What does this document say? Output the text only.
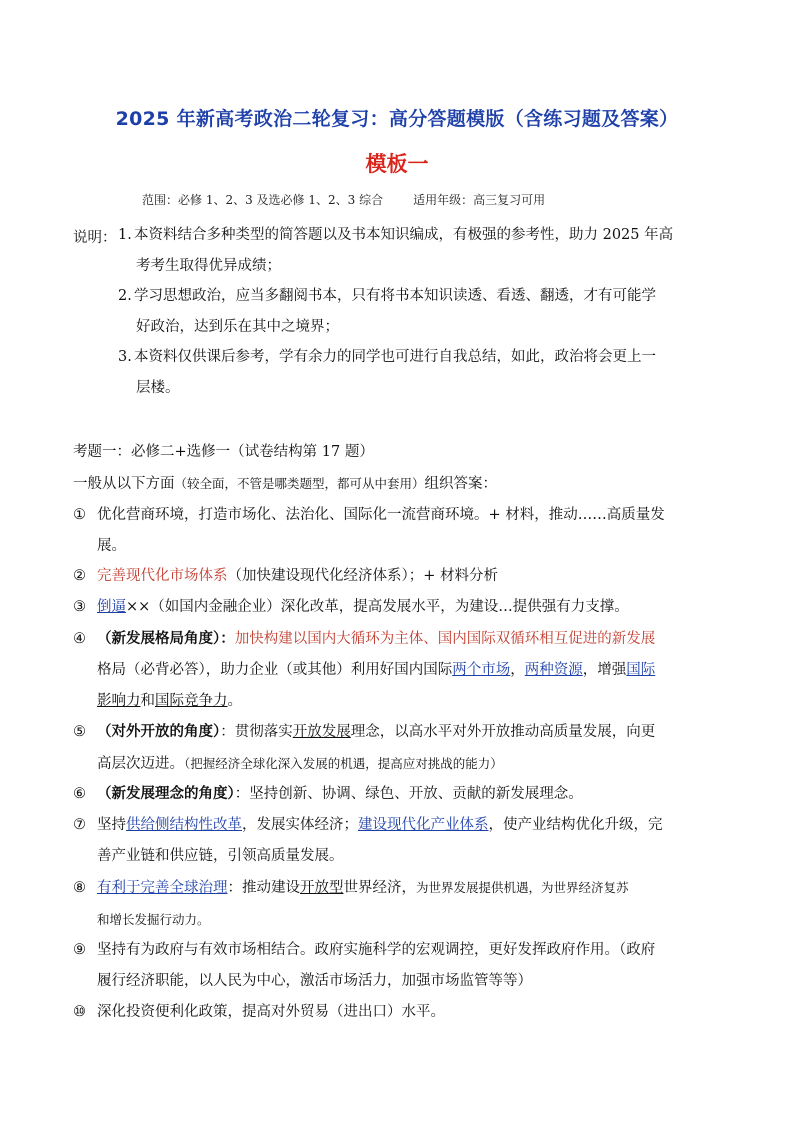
2025 年新高考政治二轮复习：高分答题模版（含练习题及答案）
模板一
范围：必修 1、2、3 及选必修 1、2、3 综合	适用年级：高三复习可用
说明： 1. 本资料结合多种类型的简答题以及书本知识编成，有极强的参考性，助力 2025 年高
考考生取得优异成绩；
2. 学习思想政治，应当多翻阅书本，只有将书本知识读透、看透、翻透，才有可能学
好政治，达到乐在其中之境界；
3. 本资料仅供课后参考，学有余力的同学也可进行自我总结，如此，政治将会更上一
层楼。
考题一：必修二+选修一（试卷结构第 17 题）
一般从以下方面（较全面，不管是哪类题型，都可从中套用）组织答案：
① 优化营商环境，打造市场化、法治化、国际化一流营商环境。+ 材料，推动……高质量发
展。
② 完善现代化市场体系（加快建设现代化经济体系）；+ 材料分析
③ 倒逼××（如国内金融企业）深化改革，提高发展水平，为建设…提供强有力支撑。
④ （新发展格局角度）：加快构建以国内大循环为主体、国内国际双循环相互促进的新发展
格局（必背必答），助力企业（或其他）利用好国内国际两个市场，两种资源，增强国际
影响力和国际竞争力。
⑤ （对外开放的角度）：贯彻落实开放发展理念，以高水平对外开放推动高质量发展，向更
高层次迈进。（把握经济全球化深入发展的机遇，提高应对挑战的能力）
⑥ （新发展理念的角度）：坚持创新、协调、绿色、开放、贡献的新发展理念。
⑦ 坚持供给侧结构性改革，发展实体经济；建设现代化产业体系，使产业结构优化升级，完
善产业链和供应链，引领高质量发展。
⑧ 有利于完善全球治理：推动建设开放型世界经济，为世界发展提供机遇，为世界经济复苏
和增长发掘行动力。
⑨ 坚持有为政府与有效市场相结合。政府实施科学的宏观调控，更好发挥政府作用。（政府
履行经济职能，以人民为中心，激活市场活力，加强市场监管等等）
⑩ 深化投资便利化政策，提高对外贸易（进出口）水平。
